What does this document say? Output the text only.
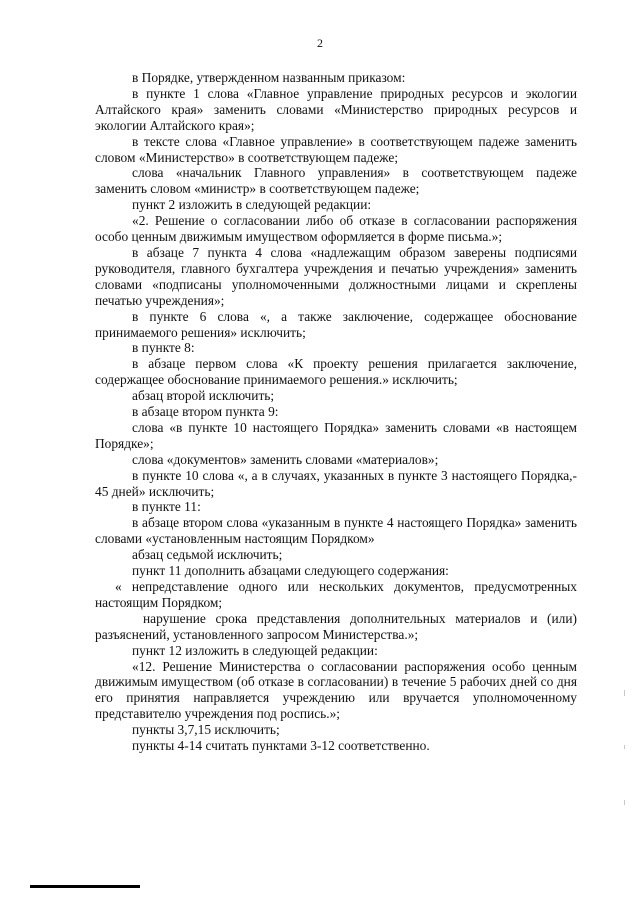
2

в Порядке, утвержденном названным приказом:

в пункте 1 слова «Главное управление природных ресурсов и экологии Алтайского края» заменить словами «Министерство природных ресурсов и экологии Алтайского края»;

в тексте слова «Главное управление» в соответствующем падеже заменить словом «Министерство» в соответствующем падеже;

слова «начальник Главного управления» в соответствующем падеже заменить словом «министр» в соответствующем падеже;

пункт 2 изложить в следующей редакции:

«2. Решение о согласовании либо об отказе в согласовании распоряжения особо ценным движимым имуществом оформляется в форме письма.»;

в абзаце 7 пункта 4 слова «надлежащим образом заверены подписями руководителя, главного бухгалтера учреждения и печатью учреждения» заменить словами «подписаны уполномоченными должностными лицами и скреплены печатью учреждения»;

в пункте 6 слова «, а также заключение, содержащее обоснование принимаемого решения» исключить;

в пункте 8:

в абзаце первом слова «К проекту решения прилагается заключение, содержащее обоснование принимаемого решения.» исключить;

абзац второй исключить;

в абзаце втором пункта 9:

слова «в пункте 10 настоящего Порядка» заменить словами «в настоящем Порядке»;

слова «документов» заменить словами «материалов»;

в пункте 10 слова «, а в случаях, указанных в пункте 3 настоящего Порядка,- 45 дней» исключить;

в пункте 11:

в абзаце втором слова «указанным в пункте 4 настоящего Порядка» заменить словами «установленным настоящим Порядком»

абзац седьмой исключить;

пункт 11 дополнить абзацами следующего содержания:

« непредставление одного или нескольких документов, предусмотренных настоящим Порядком;

нарушение срока представления дополнительных материалов и (или) разъяснений, установленного запросом Министерства.»;

пункт 12 изложить в следующей редакции:

«12. Решение Министерства о согласовании распоряжения особо ценным движимым имуществом (об отказе в согласовании) в течение 5 рабочих дней со дня его принятия направляется учреждению или вручается уполномоченному представителю учреждения под роспись.»;

пункты 3,7,15 исключить;

пункты 4-14 считать пунктами 3-12 соответственно.
